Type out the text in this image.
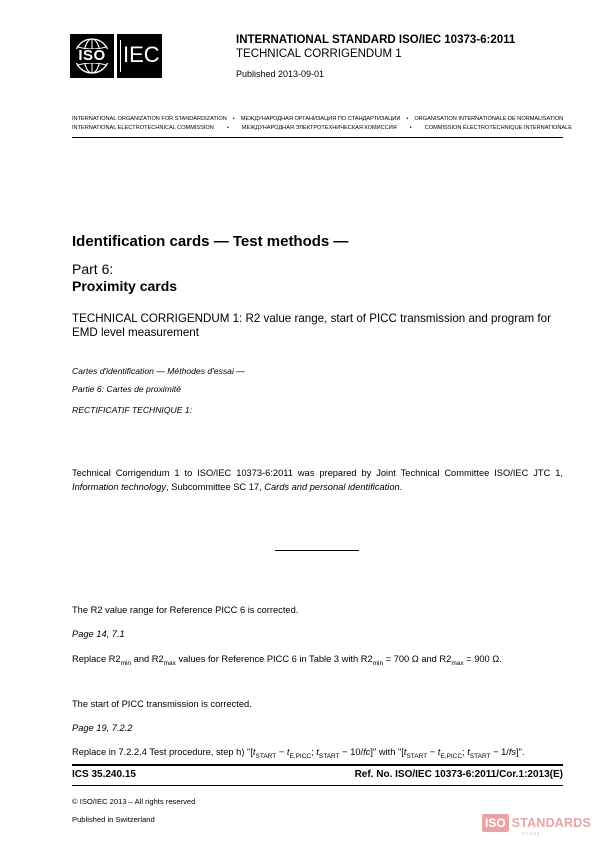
ISO IEC
INTERNATIONAL STANDARD ISO/IEC 10373-6:2011
TECHNICAL CORRIGENDUM 1
Published 2013-09-01
INTERNATIONAL ORGANIZATION FOR STANDARDIZATION • МЕЖДУНАРОДНАЯ ОРГАНИЗАЦИЯ ПО СТАНДАРТИЗАЦИИ • ORGANISATION INTERNATIONALE DE NORMALISATION
INTERNATIONAL ELECTROTECHNICAL COMMISSION • МЕЖДУНАРОДНАЯ ЭЛЕКТРОТЕХНИЧЕСКАЯ КОМИССИЯ • COMMISSION ÉLECTROTECHNIQUE INTERNATIONALE
Identification cards — Test methods —
Part 6:
Proximity cards
TECHNICAL CORRIGENDUM 1: R2 value range, start of PICC transmission and program for EMD level measurement
Cartes d'identification — Méthodes d'essai —
Partie 6: Cartes de proximité
RECTIFICATIF TECHNIQUE 1:
Technical Corrigendum 1 to ISO/IEC 10373-6:2011 was prepared by Joint Technical Committee ISO/IEC JTC 1, Information technology, Subcommittee SC 17, Cards and personal identification.
The R2 value range for Reference PICC 6 is corrected.
Page 14, 7.1
Replace $R2_{min}$ and $R2_{max}$ values for Reference PICC 6 in Table 3 with $R2_{min} = 700$ Ω and $R2_{max} = 900$ Ω.
The start of PICC transmission is corrected.
Page 19, 7.2.2
Replace in 7.2.2.4 Test procedure, step h) "[$t_{START} - t_{E,PICC}$; $t_{START} - 10/fc$]" with "[$t_{START} - t_{E,PICC}$; $t_{START} - 1/fs$]".
ICS 35.240.15	Ref. No. ISO/IEC 10373-6:2011/Cor.1:2013(E)
© ISO/IEC 2013 – All rights reserved
Published in Switzerland	ISO STANDARDS
STORE
